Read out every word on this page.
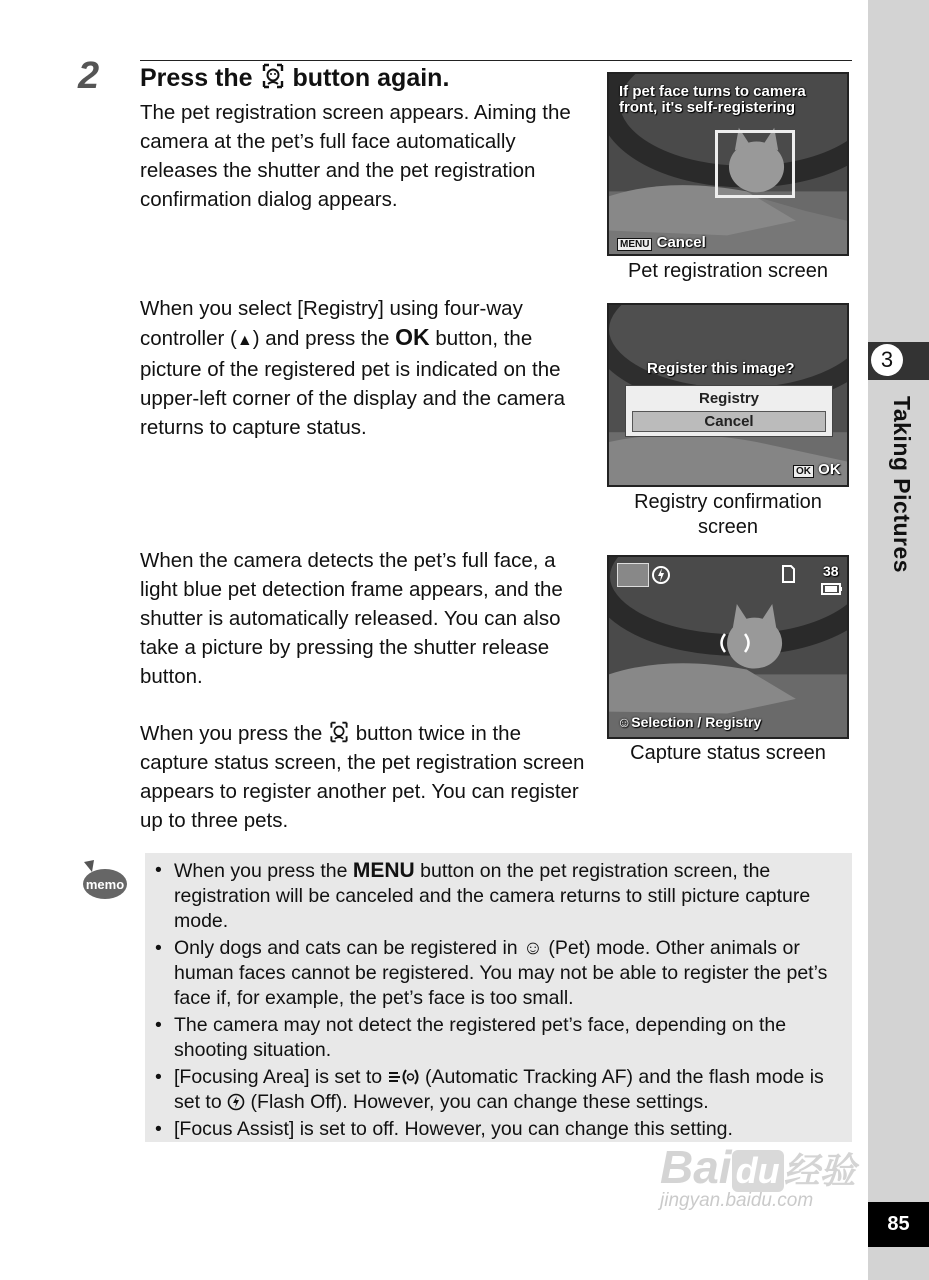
3
Taking Pictures
85
2 Press the button again.

The pet registration screen appears. Aiming the camera at the pet’s full face automatically releases the shutter and the pet registration confirmation dialog appears.

When you select [Registry] using four-way controller (▲) and press the OK button, the picture of the registered pet is indicated on the upper-left corner of the display and the camera returns to capture status.

When the camera detects the pet’s full face, a light blue pet detection frame appears, and the shutter is automatically released. You can also take a picture by pressing the shutter release button.

When you press the button twice in the capture status screen, the pet registration screen appears to register another pet. You can register up to three pets.

If pet face turns to camera
front, it's self-registering
MENU Cancel
Pet registration screen
Register this image?
Registry
Cancel
OK OK
Registry confirmation screen
38
☺Selection / Registry
Capture status screen
memo
• When you press the MENU button on the pet registration screen, the registration will be canceled and the camera returns to still picture capture mode.
• Only dogs and cats can be registered in ☺ (Pet) mode. Other animals or human faces cannot be registered. You may not be able to register the pet’s face if, for example, the pet’s face is too small.
• The camera may not detect the registered pet’s face, depending on the shooting situation.
• [Focusing Area] is set to (Automatic Tracking AF) and the flash mode is set to (Flash Off). However, you can change these settings.
• [Focus Assist] is set to off. However, you can change this setting.
Bai du 经验
jingyan.baidu.com
